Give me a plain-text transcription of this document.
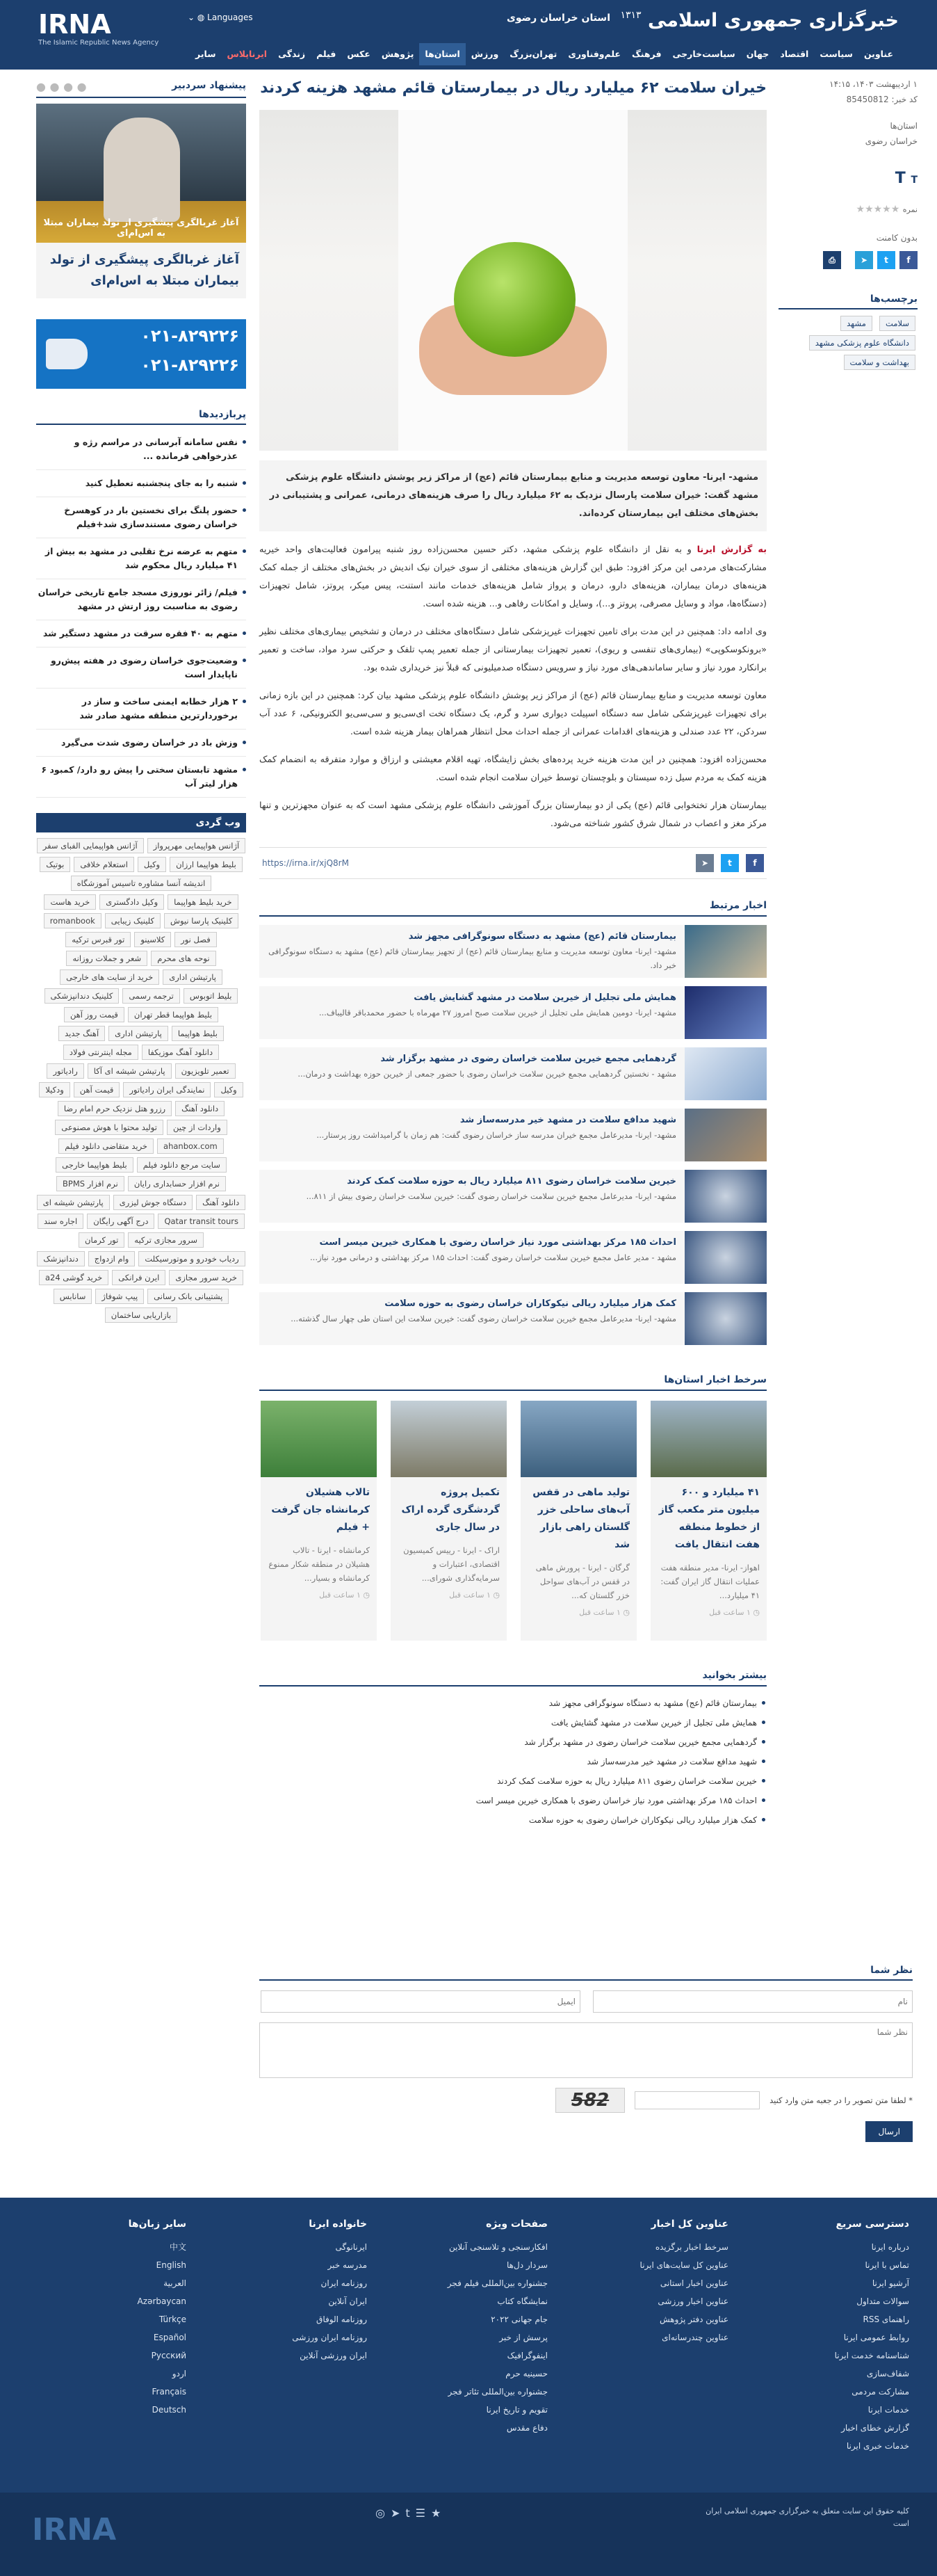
خبرگزاری جمهوری اسلامی $^{۱۳۱۳}$
استان خراسان رضوی
⌄ ◍ Languages
IRNA
The Islamic Republic News Agency
عناوین
سیاست
اقتصاد
جهان
سیاست‌خارجی
فرهنگ
علم‌وفناوری
تهران‌بزرگ
ورزش
استان‌ها
پژوهش
عکس
فیلم
زندگی
ایرنا‌پلاس
سایر
۱ اردیبهشت ۱۴۰۳، ۱۴:۱۵
کد خبر: 85450812
استان‌ها
خراسان رضوی
T T
نمره ★★★★★
بدون کامنت
f
t
➤
⎙
برچسب‌ها
سلامت مشهد دانشگاه علوم پزشکی مشهد بهداشت و سلامت
خیران سلامت ۶۲ میلیارد ریال در بیمارستان قائم مشهد هزینه کردند
مشهد- ایرنا- معاون توسعه مدیریت و منابع بیمارستان قائم (عج) از مراکز زیر پوشش دانشگاه علوم پزشکی مشهد گفت: خیران سلامت پارسال نزدیک به ۶۲ میلیارد ریال را صرف هزینه‌های درمانی، عمرانی و پشتیبانی در بخش‌های مختلف این بیمارستان کرده‌اند.

به گزارش ایرنا و به نقل از دانشگاه علوم پزشکی مشهد، دکتر حسین محسن‌زاده روز شنبه پیرامون فعالیت‌های واحد خیریه مشارکت‌های مردمی این مرکز افزود: طبق این گزارش هزینه‌های مختلفی از سوی خیران نیک اندیش در بخش‌های مختلف از جمله کمک هزینه‌های درمان بیماران، هزینه‌های دارو، درمان و پرواز شامل هزینه‌های خدمات مانند استنت، پیس میکر، پروتز، شامل تجهیزات (دستگاه‌ها، مواد و وسایل مصرفی، پروتز و...)، وسایل و امکانات رفاهی و... هزینه شده است.

وی ادامه داد: همچنین در این مدت برای تامین تجهیزات غیرپزشکی شامل دستگاه‌های مختلف در درمان و تشخیص بیماری‌های مختلف نظیر «برونکوسکوپی» (بیماری‌های تنفسی و ریوی)، تعمیر تجهیزات بیمارستانی از جمله تعمیر پمپ تلفک و حرکتی سرد مواد، ساخت و تعمیر برانکارد مورد نیاز و سایر ساماندهی‌های مورد نیاز و سرویس دستگاه صدمیلیونی که قبلاً نیز خریداری شده بود.

معاون توسعه مدیریت و منابع بیمارستان قائم (عج) از مراکز زیر پوشش دانشگاه علوم پزشکی مشهد بیان کرد: همچنین در این بازه زمانی برای تجهیزات غیرپزشکی شامل سه دستگاه اسپیلت دیواری سرد و گرم، یک دستگاه تخت ای‌سی‌یو و سی‌سی‌یو الکترونیکی، ۶ عدد آب سردکن، ۲۲ عدد صندلی و هزینه‌های اقدامات عمرانی از جمله احداث محل انتظار همراهان بیمار هزینه شده است.

محسن‌زاده افزود: همچنین در این مدت هزینه خرید پرده‌های بخش زایشگاه، تهیه اقلام معیشتی و ارزاق و موارد متفرقه به انضمام کمک هزینه کمک به مردم سیل زده سیستان و بلوچستان توسط خیران سلامت انجام شده است.

بیمارستان هزار تختخوابی قائم (عج) یکی از دو بیمارستان بزرگ آموزشی دانشگاه علوم پزشکی مشهد است که به عنوان مجهزترین و تنها مرکز مغز و اعصاب در شمال شرق کشور شناخته می‌شود.

f
t
➤
https://irna.ir/xjQ8rM
اخبار مرتبط
بیمارستان قائم (عج) مشهد به دستگاه سونوگرافی مجهز شد
مشهد- ایرنا- معاون توسعه مدیریت و منابع بیمارستان قائم (عج) از تجهیز بیمارستان قائم (عج) مشهد به دستگاه سونوگرافی خبر داد.
همایش ملی تجلیل از خیرین سلامت در مشهد گشایش یافت
مشهد- ایرنا- دومین همایش ملی تجلیل از خیرین سلامت صبح امروز ۲۷ مهرماه با حضور محمدباقر قالیباف...
گردهمایی مجمع خیرین سلامت خراسان رضوی در مشهد برگزار شد
مشهد - نخستین گردهمایی مجمع خیرین سلامت خراسان رضوی با حضور جمعی از خیرین حوزه بهداشت و درمان...
شهید مدافع سلامت در مشهد خیر مدرسه‌ساز شد
مشهد- ایرنا- مدیرعامل مجمع خیران مدرسه ساز خراسان رضوی گفت: هم زمان با گرامیداشت روز پرستار...
خیرین سلامت خراسان رضوی ۸۱۱ میلیارد ریال به حوزه سلامت کمک کردند
مشهد- ایرنا- مدیرعامل مجمع خیرین سلامت خراسان رضوی گفت: خیرین سلامت خراسان رضوی بیش از ۸۱۱...
احداث ۱۸۵ مرکز بهداشتی مورد نیاز خراسان رضوی با همکاری خیرین میسر است
مشهد - مدیر عامل مجمع خیرین سلامت خراسان رضوی گفت: احداث ۱۸۵ مرکز بهداشتی و درمانی مورد نیاز...
کمک هزار میلیارد ریالی نیکوکاران خراسان رضوی به حوزه سلامت
مشهد- ایرنا- مدیرعامل مجمع خیرین سلامت خراسان رضوی گفت: خیرین سلامت این استان طی چهار سال گذشته...
سرخط اخبار استان‌ها
۴۱ میلیارد و ۶۰۰ میلیون متر مکعب گاز از خطوط منطقه هفت انتقال یافت
اهواز- ایرنا- مدیر منطقه هفت عملیات انتقال گاز ایران گفت: ۴۱ میلیارد...
◷ ۱ ساعت قبل
تولید ماهی در قفس آب‌های ساحلی خزر گلستان راهی بازار شد
گرگان - ایرنا - پرورش ماهی در قفس در آب‌های سواحل خزر گلستان که...
◷ ۱ ساعت قبل
تکمیل پروژه گردشگری گرده اراک در سال جاری
اراک - ایرنا - رییس کمیسیون اقتصادی، اعتبارات و سرمایه‌گذاری شورای...
◷ ۱ ساعت قبل
تالاب هشیلان کرمانشاه جان گرفت + فیلم
کرمانشاه - ایرنا - تالاب هشیلان در منطقه شکار ممنوع کرمانشاه و بسیار...
◷ ۱ ساعت قبل
بیشتر بخوانید
بیمارستان قائم (عج) مشهد به دستگاه سونوگرافی مجهز شد
همایش ملی تجلیل از خیرین سلامت در مشهد گشایش یافت
گردهمایی مجمع خیرین سلامت خراسان رضوی در مشهد برگزار شد
شهید مدافع سلامت در مشهد خیر مدرسه‌ساز شد
خیرین سلامت خراسان رضوی ۸۱۱ میلیارد ریال به حوزه سلامت کمک کردند
احداث ۱۸۵ مرکز بهداشتی مورد نیاز خراسان رضوی با همکاری خیرین میسر است
کمک هزار میلیارد ریالی نیکوکاران خراسان رضوی به حوزه سلامت
نظر شما
نام
ایمیل
نظر شما
* لطفا متن تصویر را در جعبه متن وارد کنید
582
ارسال
پیشنهاد سردبیر
● ● ● ●
آغاز غربالگری پیشگیری از تولد بیماران مبتلا به اس‌ام‌ای
آغاز غربالگری پیشگیری از تولد بیماران مبتلا به اس‌ام‌ای
۰۲۱-۸۲۹۲۲۶
۰۲۱-۸۲۹۲۲۶
پربازدیدها
نفس سامانه آبرسانی در مراسم رژه و عذرخواهی فرمانده ...
شنبه را به جای پنجشنبه تعطیل کنید
حضور پلنگ برای نخستین بار در کوهسرخ خراسان رضوی مستندسازی شد+فیلم
متهم به عرضه نرخ تقلبی در مشهد به بیش از ۴۱ میلیارد ریال محکوم شد
فیلم/ زائر نوروزی مسجد جامع تاریخی خراسان رضوی به مناسبت روز ارتش در مشهد
متهم به ۴۰ فقره سرقت در مشهد دستگیر شد
وضعیت‌جوی خراسان رضوی در هفته پیش‌رو ناپایدار است
۲ هزار خطابه ایمنی ساخت و ساز در برخوردارترین منطقه مشهد صادر شد
وزش باد در خراسان رضوی شدت می‌گیرد
مشهد تابستان سختی را پیش رو دارد/ کمبود ۶ هزار لیتر آب
وب گردی
آژانس هواپیمایی مهرپرواز
آژانس هواپیمایی الفبای سفر
بلیط هواپیما ارزان
وکیل
استعلام خلافی
بوتیک
اندیشه آنسا مشاوره تاسیس آموزشگاه
خرید بلیط هواپیما
وکیل دادگستری
خرید هاست
کلینیک پارسا نیوش
کلینیک زیبایی
romanbook
فصل نور
کلاسینو
تور قبرس ترکیه
نوحه های محرم
شعر و جملات روزانه
پارتیشن اداری
خرید از سایت های خارجی
بلیط اتوبوس
ترجمه رسمی
کلینیک دندانپزشکی
بلیط هواپیما قطر تهران
قیمت روز آهن
بلیط هواپیما
پارتیشن اداری
آهنگ جدید
دانلود آهنگ موزیکفا
مجله اینترنتی فولاد
تعمیر تلویزیون
پارتیشن شیشه ای آکا
رادیاتور
وکیل
نمایندگی ایران رادیاتور
قیمت آهن
ودکیلا
دانلود آهنگ
رزرو هتل نزدیک حرم امام رضا
واردات از چین
تولید محتوا با هوش مصنوعی
ahanbox.com
خرید متقاضی دانلود فیلم
سایت مرجع دانلود فیلم
بلیط هواپیما خارجی
نرم افزار حسابداری رایان
نرم افزار BPMS
دانلود آهنگ
دستگاه جوش لیزری
پارتیشن شیشه ای
Qatar transit tours
درج آگهی رایگان
اجاره سند
سرور مجازی ترکیه
تور کرمان
ردیاب خودرو و موتورسیکلت
وام ازدواج
دندانپزشک
خرید سرور مجازی
ایرن فرانکی
خرید گوشی a24
پشتیبانی بانک رسانی
پیپ شوفاژ
سانابس
بازاریابی ساختمان
دسترسی سریع
درباره ایرنا
تماس با ایرنا
آرشیو ایرنا
سوالات متداول
راهنمای RSS
روابط عمومی ایرنا
شناسنامه خدمت ایرنا
شفاف‌سازی
مشارکت مردمی
خدمات ایرنا
گزارش خطای اخبار
خدمات خبری ایرنا
عناوین کل اخبار
سرخط اخبار برگزیده
عناوین کل سایت‌های ایرنا
عناوین اخبار استانی
عناوین اخبار ورزشی
عناوین دفتر پژوهش
عناوین چندرسانه‌ای
صفحات ویژه
افکارسنجی و تلاسنجی آنلاین
سردار دل‌ها
جشنواره بین‌المللی فیلم فجر
نمایشگاه کتاب
جام جهانی ۲۰۲۲
پرسش از خبر
اینفوگرافیک
حسینیه حرم
جشنواره بین‌المللی تئاتر فجر
تقویم و تاریخ ایرنا
دفاع مقدس
خانواده ایرنا
ایرنانوگی
مدرسه خبر
روزنامه ایران
ایران آنلاین
روزنامه الوفاق
روزنامه ایران ورزشی
ایران ورزشی آنلاین
سایر زبان‌ها
中文
English
العربية
Azərbaycan
Türkçe
Español
Русский
اردو
Français
Deutsch
کلیه حقوق این سایت متعلق به خبرگزاری جمهوری اسلامی ایران است
IRNA	◎➤t☰★
